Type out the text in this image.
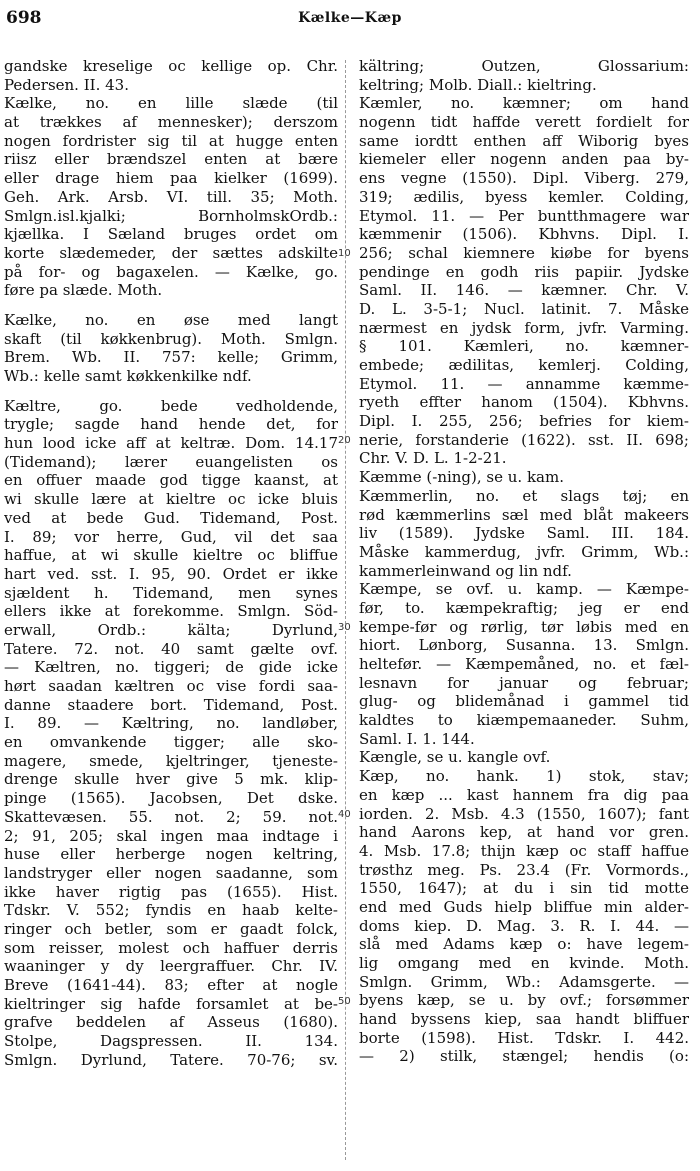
698	Kælke—Kæp
gandske kreselige oc kellige op. Chr.
Pedersen. II. 43.
Kælke, no. en lille slæde (til
at trækkes af mennesker); derszom
nogen fordrister sig til at hugge enten
riisz eller brændszel enten at bære
eller drage hiem paa kielker (1699).
Geh. Ark. Arsb. VI. till. 35; Moth.
Smlgn.isl.kjalki; BornholmskOrdb.:
kjællka. I Sæland bruges ordet om
korte slædemeder, der sættes adskilte
på for- og bagaxelen. — Kælke, go.
føre pa slæde. Moth.
Kælke, no. en øse med langt
skaft (til køkkenbrug). Moth. Smlgn.
Brem. Wb. II. 757: kelle; Grimm,
Wb.: kelle samt køkkenkilke ndf.
Kæltre, go. bede vedholdende,
trygle; sagde hand hende det, for
hun lood icke aff at keltræ. Dom. 14.17
(Tidemand); lærer euangelisten os
en offuer maade god tigge kaanst, at
wi skulle lære at kieltre oc icke bluis
ved at bede Gud. Tidemand, Post.
I. 89; vor herre, Gud, vil det saa
haffue, at wi skulle kieltre oc bliffue
hart ved. sst. I. 95, 90. Ordet er ikke
sjældent h. Tidemand, men synes
ellers ikke at forekomme. Smlgn. Söd-
erwall, Ordb.: kälta; Dyrlund,
Tatere. 72. not. 40 samt gælte ovf.
— Kæltren, no. tiggeri; de gide icke
hørt saadan kæltren oc vise fordi saa-
danne staadere bort. Tidemand, Post.
I. 89. — Kæltring, no. landløber,
en omvankende tigger; alle sko-
magere, smede, kjeltringer, tjeneste-
drenge skulle hver give 5 mk. klip-
pinge (1565). Jacobsen, Det dske.
Skattevæsen. 55. not. 2; 59. not.
2; 91, 205; skal ingen maa indtage i
huse eller herberge nogen keltring,
landstryger eller nogen saadanne, som
ikke haver rigtig pas (1655). Hist.
Tdskr. V. 552; fyndis en haab kelte-
ringer och betler, som er gaadt folck,
som reisser, molest och haffuer derris
waaninger y dy leergraffuer. Chr. IV.
Breve (1641-44). 83; efter at nogle
kieltringer sig hafde forsamlet at be-
grafve beddelen af Asseus (1680).
Stolpe, Dagspressen. II. 134.
Smlgn. Dyrlund, Tatere. 70-76; sv.
kältring; Outzen, Glossarium:
keltring; Molb. Diall.: kieltring.
Kæmler, no. kæmner; om hand
nogenn tidt haffde verett fordielt for
same iordtt enthen aff Wiborig byes
kiemeler eller nogenn anden paa by-
ens vegne (1550). Dipl. Viberg. 279,
319; ædilis, byess kemler. Colding,
Etymol. 11. — Per buntthmagere war
kæmmenir (1506). Kbhvns. Dipl. I.
256; schal kiemnere kiøbe for byens
pendinge en godh riis papiir. Jydske
Saml. II. 146. — kæmner. Chr. V.
D. L. 3-5-1; Nucl. latinit. 7. Måske
nærmest en jydsk form, jvfr. Varming.
§ 101. Kæmleri, no. kæmner-
embede; ædilitas, kemlerj. Colding,
Etymol. 11. — annamme kæmme-
ryeth effter hanom (1504). Kbhvns.
Dipl. I. 255, 256; befries for kiem-
nerie, forstanderie (1622). sst. II. 698;
Chr. V. D. L. 1-2-21.
Kæmme (-ning), se u. kam.
Kæmmerlin, no. et slags tøj; en
rød kæmmerlins sæl med blåt makeers
liv (1589). Jydske Saml. III. 184.
Måske kammerdug, jvfr. Grimm, Wb.:
kammerleinwand og lin ndf.
Kæmpe, se ovf. u. kamp. — Kæmpe-
før, to. kæmpekraftig; jeg er end
kempe-før og rørlig, tør løbis med en
hiort. Lønborg, Susanna. 13. Smlgn.
heltefør. — Kæmpemåned, no. et fæl-
lesnavn for januar og februar;
glug- og blidemånad i gammel tid
kaldtes to kiæmpemaaneder. Suhm,
Saml. I. 1. 144.
Kængle, se u. kangle ovf.
Kæp, no. hank. 1) stok, stav;
en kæp ... kast hannem fra dig paa
iorden. 2. Msb. 4.3 (1550, 1607); fant
hand Aarons kep, at hand vor gren.
4. Msb. 17.8; thijn kæp oc staff haffue
trøsthz meg. Ps. 23.4 (Fr. Vormords.,
1550, 1647); at du i sin tid motte
end med Guds hielp bliffue min alder-
doms kiep. D. Mag. 3. R. I. 44. —
slå med Adams kæp o: have legem-
lig omgang med en kvinde. Moth.
Smlgn. Grimm, Wb.: Adamsgerte. —
byens kæp, se u. by ovf.; forsømmer
hand byssens kiep, saa handt bliffuer
borte (1598). Hist. Tdskr. I. 442.
— 2) stilk, stængel; hendis (o:
10
20
30
40
50
